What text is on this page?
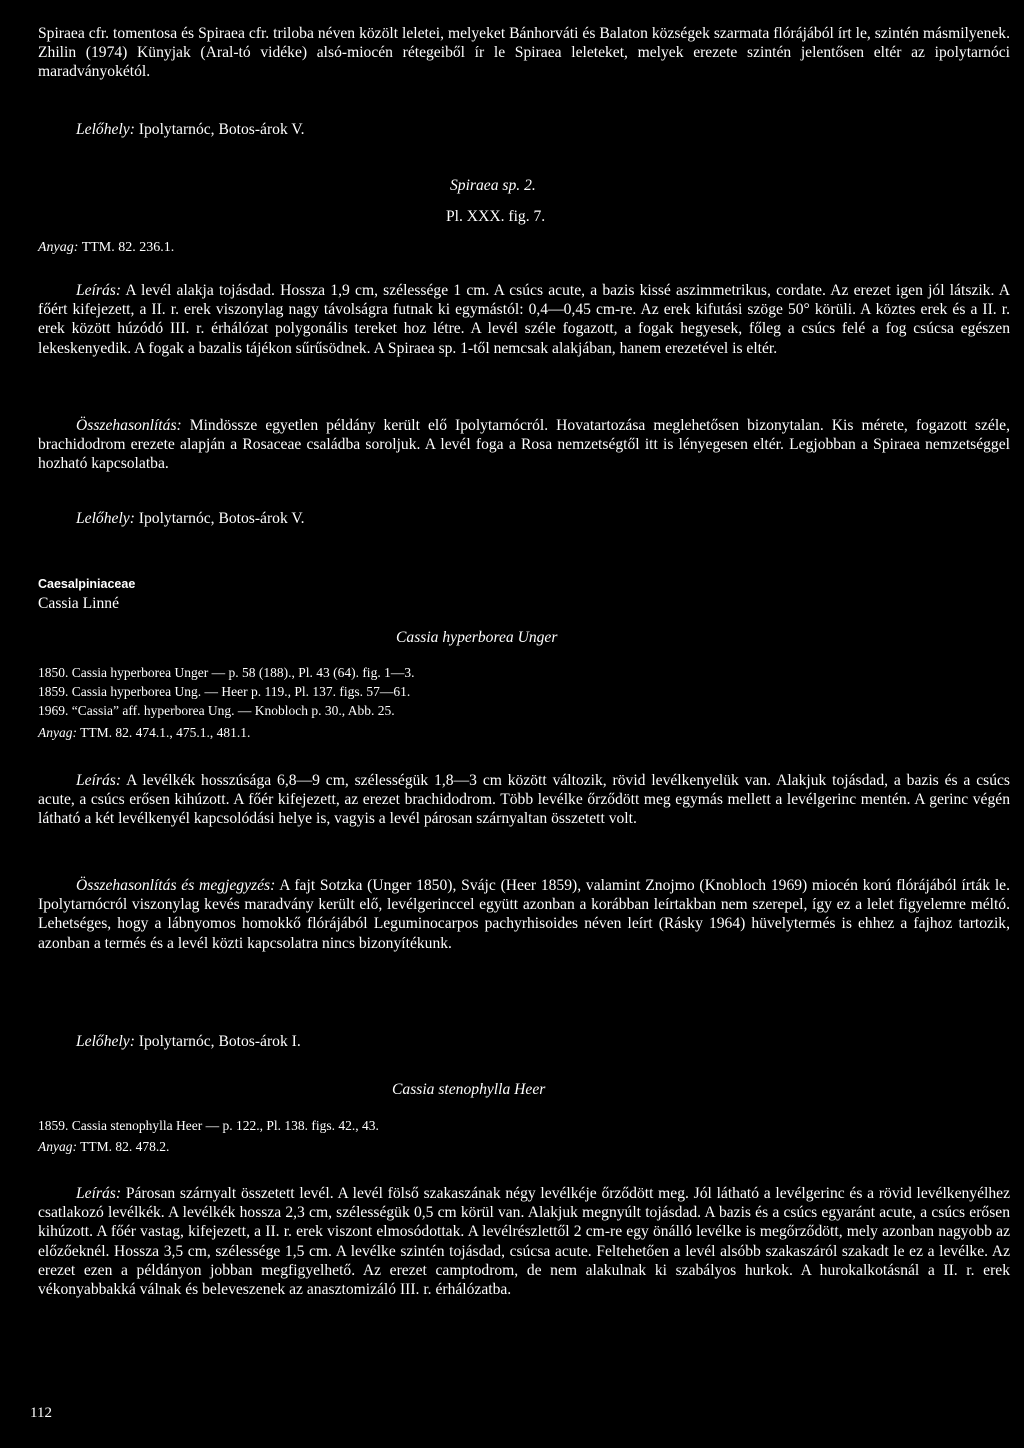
Spiraea cfr. tomentosa és Spiraea cfr. triloba néven közölt leletei, melyeket Bánhorváti és Balaton községek szarmata flórájából írt le, szintén másmilyenek. Zhilin (1974) Künyjak (Aral-tó vidéke) alsó-miocén rétegeiből ír le Spiraea leleteket, melyek erezete szintén jelentősen eltér az ipolytarnóci maradványokétól.

Lelőhely: Ipolytarnóc, Botos-árok V.

Spiraea sp. 2.
Pl. XXX. fig. 7.
Anyag: TTM. 82. 236.1.

Leírás: A levél alakja tojásdad. Hossza 1,9 cm, szélessége 1 cm. A csúcs acute, a bazis kissé aszimmetrikus, cordate. Az erezet igen jól látszik. A főért kifejezett, a II. r. erek viszonylag nagy távolságra futnak ki egymástól: 0,4—0,45 cm-re. Az erek kifutási szöge 50° körüli. A köztes erek és a II. r. erek között húzódó III. r. érhálózat polygonális tereket hoz létre. A levél széle fogazott, a fogak hegyesek, főleg a csúcs felé a fog csúcsa egészen lekeskenyedik. A fogak a bazalis tájékon sűrűsödnek. A Spiraea sp. 1-től nemcsak alakjában, hanem erezetével is eltér.

Összehasonlítás: Mindössze egyetlen példány került elő Ipolytarnócról. Hovatartozása meglehetősen bizonytalan. Kis mérete, fogazott széle, brachidodrom erezete alapján a Rosaceae családba soroljuk. A levél foga a Rosa nemzetségtől itt is lényegesen eltér. Legjobban a Spiraea nemzetséggel hozható kapcsolatba.

Lelőhely: Ipolytarnóc, Botos-árok V.

Caesalpiniaceae
Cassia Linné
Cassia hyperborea Unger
1850. Cassia hyperborea Unger — p. 58 (188)., Pl. 43 (64). fig. 1—3.
1859. Cassia hyperborea Ung. — Heer p. 119., Pl. 137. figs. 57—61.
1969. “Cassia” aff. hyperborea Ung. — Knobloch p. 30., Abb. 25.
Anyag: TTM. 82. 474.1., 475.1., 481.1.

Leírás: A levélkék hosszúsága 6,8—9 cm, szélességük 1,8—3 cm között változik, rövid levélkenyelük van. Alakjuk tojásdad, a bazis és a csúcs acute, a csúcs erősen kihúzott. A főér kifejezett, az erezet brachidodrom. Több levélke őrződött meg egymás mellett a levélgerinc mentén. A gerinc végén látható a két levélkenyél kapcsolódási helye is, vagyis a levél párosan szárnyaltan összetett volt.

Összehasonlítás és megjegyzés: A fajt Sotzka (Unger 1850), Svájc (Heer 1859), valamint Znojmo (Knobloch 1969) miocén korú flórájából írták le. Ipolytarnócról viszonylag kevés maradvány került elő, levélgerinccel együtt azonban a korábban leírtakban nem szerepel, így ez a lelet figyelemre méltó. Lehetséges, hogy a lábnyomos homokkő flórájából Leguminocarpos pachyrhisoides néven leírt (Rásky 1964) hüvelytermés is ehhez a fajhoz tartozik, azonban a termés és a levél közti kapcsolatra nincs bizonyítékunk.

Lelőhely: Ipolytarnóc, Botos-árok I.

Cassia stenophylla Heer
1859. Cassia stenophylla Heer — p. 122., Pl. 138. figs. 42., 43.
Anyag: TTM. 82. 478.2.

Leírás: Párosan szárnyalt összetett levél. A levél fölső szakaszának négy levélkéje őrződött meg. Jól látható a levélgerinc és a rövid levélkenyélhez csatlakozó levélkék. A levélkék hossza 2,3 cm, szélességük 0,5 cm körül van. Alakjuk megnyúlt tojásdad. A bazis és a csúcs egyaránt acute, a csúcs erősen kihúzott. A főér vastag, kifejezett, a II. r. erek viszont elmosódottak. A levélrészlettől 2 cm-re egy önálló levélke is megőrződött, mely azonban nagyobb az előzőeknél. Hossza 3,5 cm, szélessége 1,5 cm. A levélke szintén tojásdad, csúcsa acute. Feltehetően a levél alsóbb szakaszáról szakadt le ez a levélke. Az erezet ezen a példányon jobban megfigyelhető. Az erezet camptodrom, de nem alakulnak ki szabályos hurkok. A hurokalkotásnál a II. r. erek vékonyabbakká válnak és beleveszenek az anasztomizáló III. r. érhálózatba.

112
